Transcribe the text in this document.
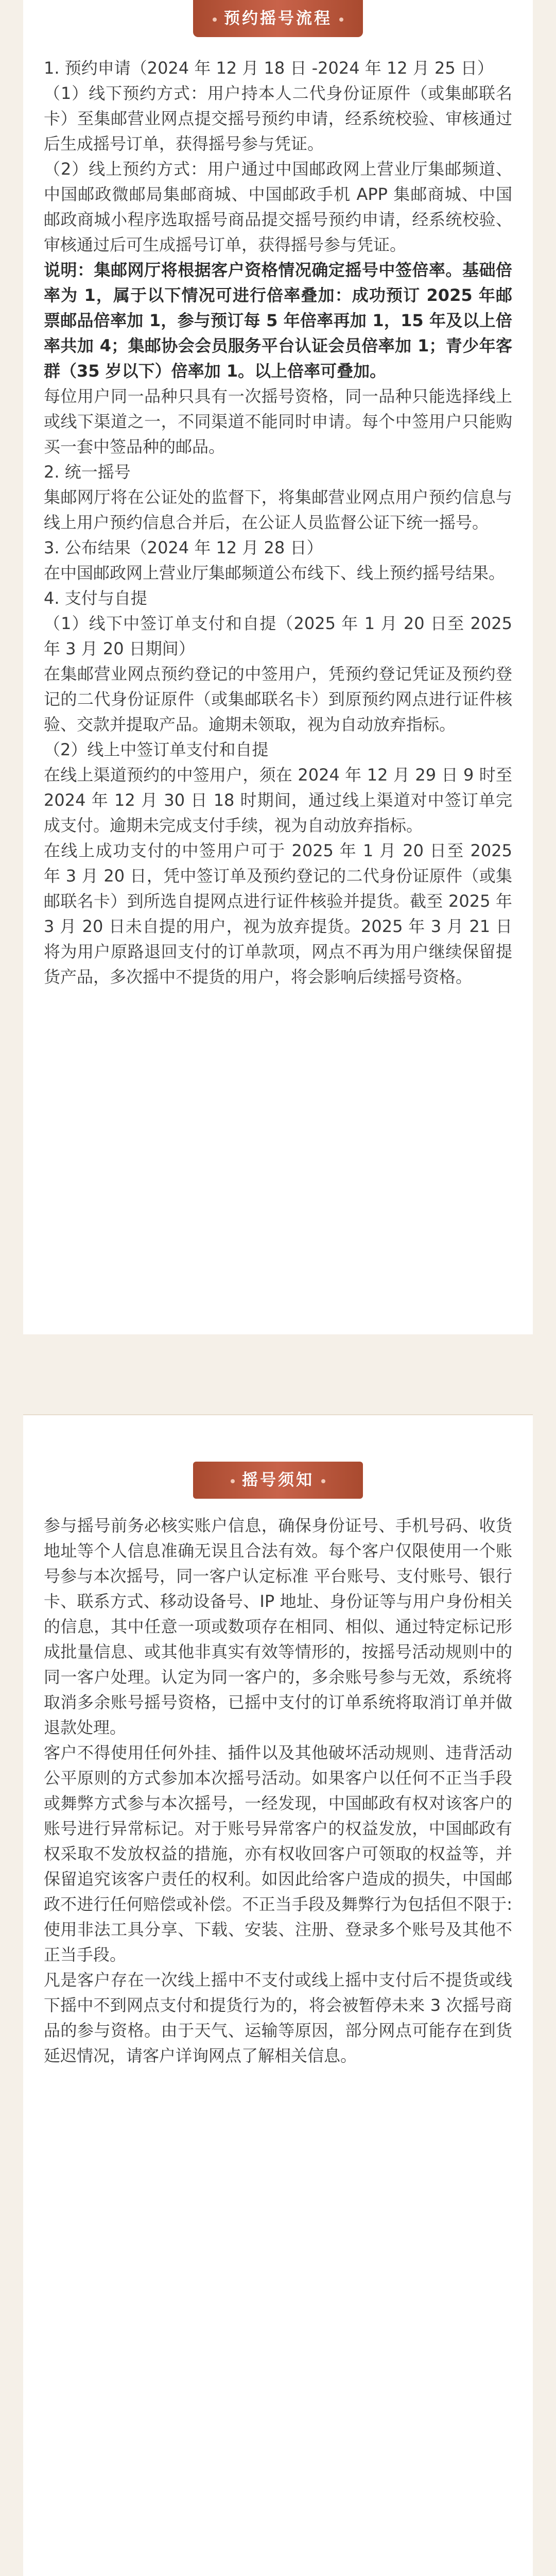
预约摇号流程

1. 预约申请（2024 年 12 月 18 日 -2024 年 12 月 25 日）

（1）线下预约方式：用户持本人二代身份证原件（或集邮联名卡）至集邮营业网点提交摇号预约申请，经系统校验、审核通过后生成摇号订单，获得摇号参与凭证。

（2）线上预约方式：用户通过中国邮政网上营业厅集邮频道、中国邮政微邮局集邮商城、中国邮政手机 APP 集邮商城、中国邮政商城小程序选取摇号商品提交摇号预约申请，经系统校验、审核通过后可生成摇号订单，获得摇号参与凭证。

说明：集邮网厅将根据客户资格情况确定摇号中签倍率。基础倍率为 1，属于以下情况可进行倍率叠加：成功预订 2025 年邮票邮品倍率加 1，参与预订每 5 年倍率再加 1，15 年及以上倍率共加 4；集邮协会会员服务平台认证会员倍率加 1；青少年客群（35 岁以下）倍率加 1。以上倍率可叠加。

每位用户同一品种只具有一次摇号资格，同一品种只能选择线上或线下渠道之一，不同渠道不能同时申请。每个中签用户只能购买一套中签品种的邮品。

2. 统一摇号

集邮网厅将在公证处的监督下，将集邮营业网点用户预约信息与线上用户预约信息合并后，在公证人员监督公证下统一摇号。

3. 公布结果（2024 年 12 月 28 日）

在中国邮政网上营业厅集邮频道公布线下、线上预约摇号结果。

4. 支付与自提

（1）线下中签订单支付和自提（2025 年 1 月 20 日至 2025 年 3 月 20 日期间）

在集邮营业网点预约登记的中签用户，凭预约登记凭证及预约登记的二代身份证原件（或集邮联名卡）到原预约网点进行证件核验、交款并提取产品。逾期未领取，视为自动放弃指标。

（2）线上中签订单支付和自提

在线上渠道预约的中签用户，须在 2024 年 12 月 29 日 9 时至 2024 年 12 月 30 日 18 时期间，通过线上渠道对中签订单完成支付。逾期未完成支付手续，视为自动放弃指标。

在线上成功支付的中签用户可于 2025 年 1 月 20 日至 2025 年 3 月 20 日，凭中签订单及预约登记的二代身份证原件（或集邮联名卡）到所选自提网点进行证件核验并提货。截至 2025 年 3 月 20 日未自提的用户，视为放弃提货。2025 年 3 月 21 日将为用户原路退回支付的订单款项，网点不再为用户继续保留提货产品，多次摇中不提货的用户，将会影响后续摇号资格。

摇号须知

参与摇号前务必核实账户信息，确保身份证号、手机号码、收货地址等个人信息准确无误且合法有效。每个客户仅限使用一个账号参与本次摇号，同一客户认定标准 平台账号、支付账号、银行卡、联系方式、移动设备号、IP 地址、身份证等与用户身份相关的信息，其中任意一项或数项存在相同、相似、通过特定标记形成批量信息、或其他非真实有效等情形的，按摇号活动规则中的同一客户处理。认定为同一客户的，多余账号参与无效，系统将取消多余账号摇号资格，已摇中支付的订单系统将取消订单并做退款处理。

客户不得使用任何外挂、插件以及其他破坏活动规则、违背活动公平原则的方式参加本次摇号活动。如果客户以任何不正当手段或舞弊方式参与本次摇号，一经发现，中国邮政有权对该客户的账号进行异常标记。对于账号异常客户的权益发放，中国邮政有权采取不发放权益的措施，亦有权收回客户可领取的权益等，并保留追究该客户责任的权利。如因此给客户造成的损失，中国邮政不进行任何赔偿或补偿。不正当手段及舞弊行为包括但不限于: 使用非法工具分享、下载、安装、注册、登录多个账号及其他不正当手段。

凡是客户存在一次线上摇中不支付或线上摇中支付后不提货或线下摇中不到网点支付和提货行为的，将会被暂停未来 3 次摇号商品的参与资格。由于天气、运输等原因，部分网点可能存在到货延迟情况，请客户详询网点了解相关信息。
